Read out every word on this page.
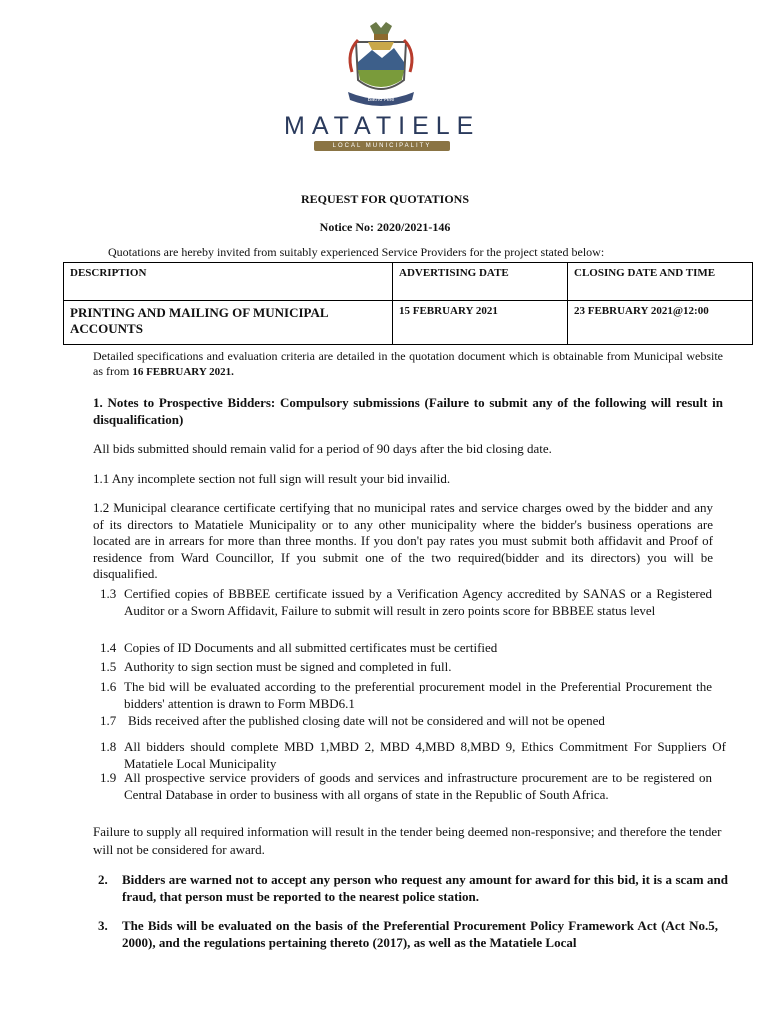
Batho Pele
MATATIELE
LOCAL MUNICIPALITY
REQUEST FOR QUOTATIONS
Notice No: 2020/2021-146
Quotations are hereby invited from suitably experienced Service Providers for the project stated below:
DESCRIPTION	ADVERTISING DATE	CLOSING DATE AND TIME
PRINTING AND MAILING OF MUNICIPAL ACCOUNTS	15 FEBRUARY 2021	23 FEBRUARY 2021@12:00
Detailed specifications and evaluation criteria are detailed in the quotation document which is obtainable from Municipal website as from 16 FEBRUARY 2021.
1. Notes to Prospective Bidders: Compulsory submissions (Failure to submit any of the following will result in disqualification)
All bids submitted should remain valid for a period of 90 days after the bid closing date.
1.1 Any incomplete section not full sign will result your bid invailid.
1.2 Municipal clearance certificate certifying that no municipal rates and service charges owed by the bidder and any of its directors to Matatiele Municipality or to any other municipality where the bidder's business operations are located are in arrears for more than three months. If you don't pay rates you must submit both affidavit and Proof of residence from Ward Councillor, If you submit one of the two required(bidder and its directors) you will be disqualified.
1.3 Certified copies of BBBEE certificate issued by a Verification Agency accredited by SANAS or a Registered Auditor or a Sworn Affidavit, Failure to submit will result in zero points score for BBBEE status level
1.4 Copies of ID Documents and all submitted certificates must be certified
1.5 Authority to sign section must be signed and completed in full.
1.6 The bid will be evaluated according to the preferential procurement model in the Preferential Procurement the bidders' attention is drawn to Form MBD6.1
1.7 Bids received after the published closing date will not be considered and will not be opened
1.8 All bidders should complete MBD 1,MBD 2, MBD 4,MBD 8,MBD 9, Ethics Commitment For Suppliers Of Matatiele Local Municipality
1.9 All prospective service providers of goods and services and infrastructure procurement are to be registered on Central Database in order to business with all organs of state in the Republic of South Africa.
Failure to supply all required information will result in the tender being deemed non-responsive; and therefore the tender will not be considered for award.
2.	Bidders are warned not to accept any person who request any amount for award for this bid, it is a scam and fraud, that person must be reported to the nearest police station.
3.	The Bids will be evaluated on the basis of the Preferential Procurement Policy Framework Act (Act No.5, 2000), and the regulations pertaining thereto (2017), as well as the Matatiele Local
